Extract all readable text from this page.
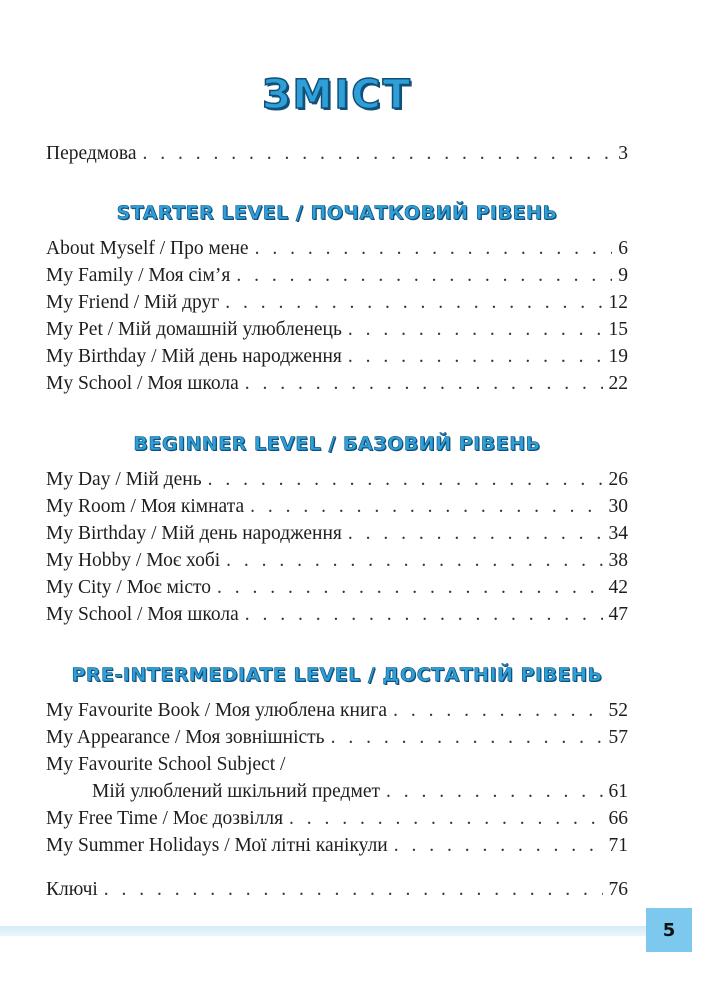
ЗМІСТ
Передмова . . .	3
STARTER LEVEL / ПОЧАТКОВИЙ РІВЕНЬ
About Myself / Про мене . . .	6
My Family / Моя сім’я . . .	9
My Friend / Мій друг . . .	12
My Pet / Мій домашній улюбленець . . .	15
My Birthday / Мій день народження . . .	19
My School / Моя школа . . .	22
BEGINNER LEVEL / БАЗОВИЙ РІВЕНЬ
My Day / Мій день . . .	26
My Room / Моя кімната . . .	30
My Birthday / Мій день народження . . .	34
My Hobby / Моє хобі . . .	38
My City / Моє місто . . .	42
My School / Моя школа . . .	47
PRE-INTERMEDIATE LEVEL / ДОСТАТНІЙ РІВЕНЬ
My Favourite Book / Моя улюблена книга . . .	52
My Appearance / Моя зовнішність . . .	57
My Favourite School Subject /
Мій улюблений шкільний предмет . . .	61
My Free Time / Моє дозвілля . . .	66
My Summer Holidays / Мої літні канікули . . .	71
Ключі . . .	76
5
